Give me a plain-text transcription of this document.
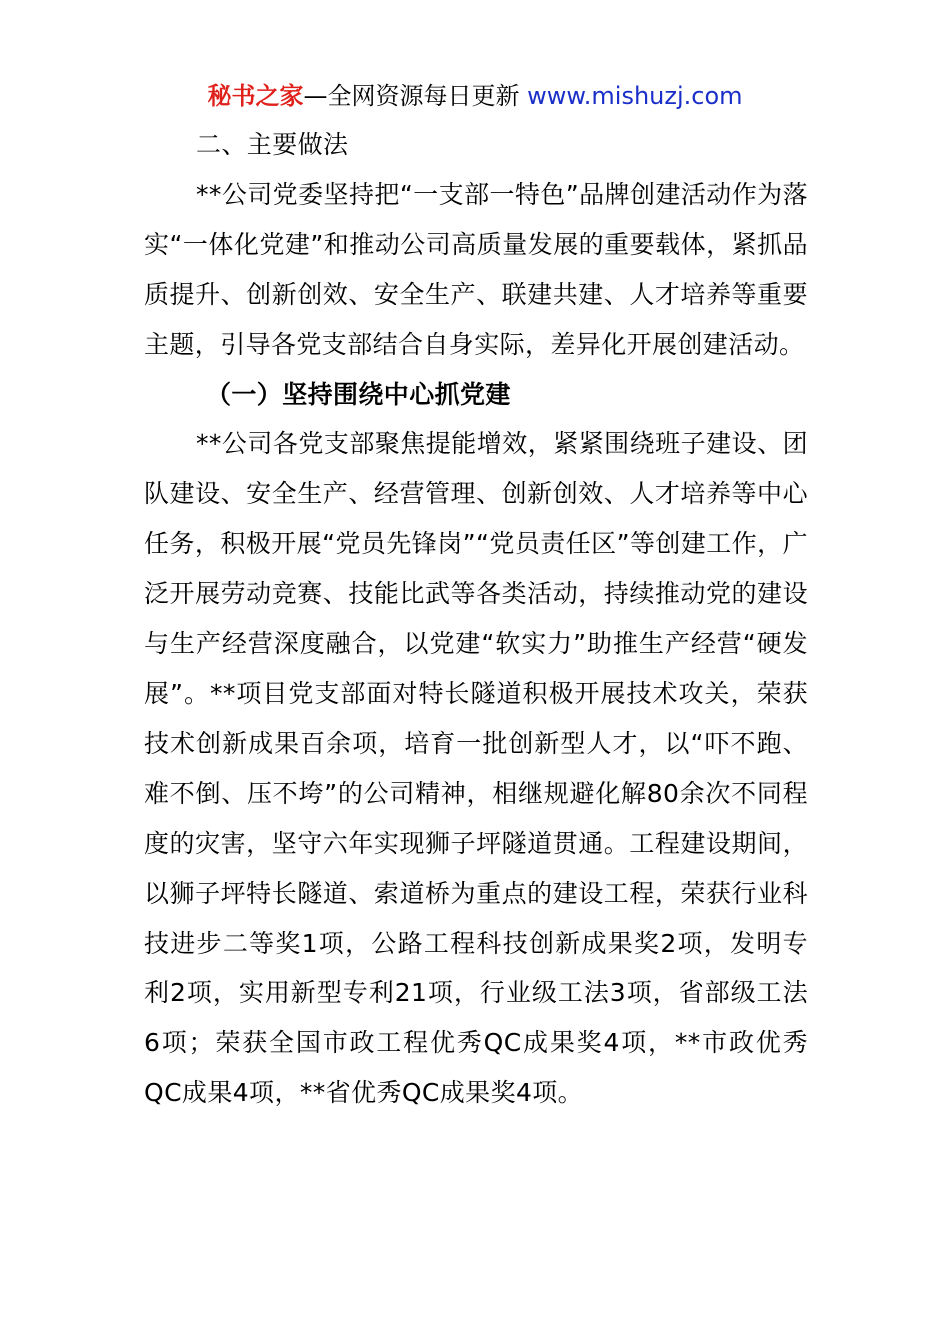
秘书之家—全网资源每日更新 www.mishuzj.com

二、主要做法

**公司党委坚持把“一支部一特色”品牌创建活动作为落实“一体化党建”和推动公司高质量发展的重要载体，紧抓品质提升、创新创效、安全生产、联建共建、人才培养等重要主题，引导各党支部结合自身实际，差异化开展创建活动。

（一）坚持围绕中心抓党建

**公司各党支部聚焦提能增效，紧紧围绕班子建设、团队建设、安全生产、经营管理、创新创效、人才培养等中心任务，积极开展“党员先锋岗”“党员责任区”等创建工作，广泛开展劳动竞赛、技能比武等各类活动，持续推动党的建设与生产经营深度融合，以党建“软实力”助推生产经营“硬发展”。**项目党支部面对特长隧道积极开展技术攻关，荣获技术创新成果百余项，培育一批创新型人才，以“吓不跑、难不倒、压不垮”的公司精神，相继规避化解80余次不同程度的灾害，坚守六年实现狮子坪隧道贯通。工程建设期间，以狮子坪特长隧道、索道桥为重点的建设工程，荣获行业科技进步二等奖1项，公路工程科技创新成果奖2项，发明专利2项，实用新型专利21项，行业级工法3项，省部级工法6项；荣获全国市政工程优秀QC成果奖4项，**市政优秀QC成果4项，**省优秀QC成果奖4项。
